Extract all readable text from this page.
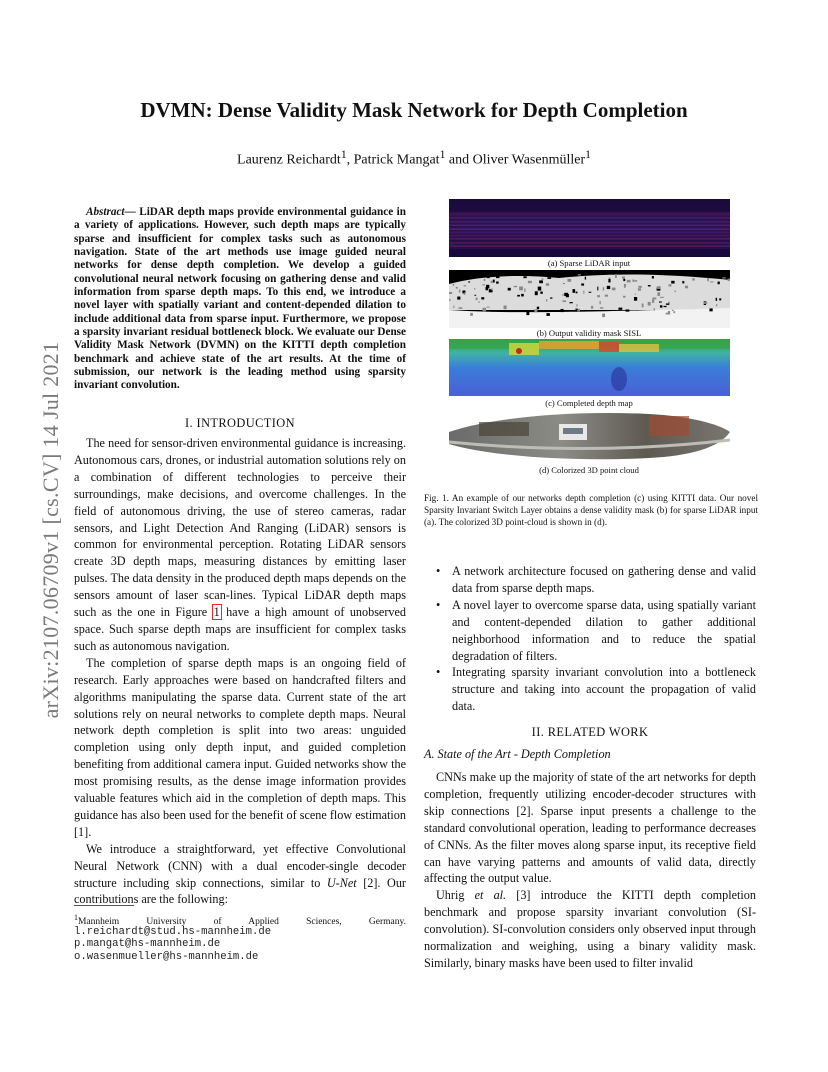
arXiv:2107.06709v1 [cs.CV] 14 Jul 2021
DVMN: Dense Validity Mask Network for Depth Completion
Laurenz Reichardt$^1$, Patrick Mangat$^1$ and Oliver Wasenmüller$^1$
Abstract— LiDAR depth maps provide environmental guidance in a variety of applications. However, such depth maps are typically sparse and insufficient for complex tasks such as autonomous navigation. State of the art methods use image guided neural networks for dense depth completion. We develop a guided convolutional neural network focusing on gathering dense and valid information from sparse depth maps. To this end, we introduce a novel layer with spatially variant and content-depended dilation to include additional data from sparse input. Furthermore, we propose a sparsity invariant residual bottleneck block. We evaluate our Dense Validity Mask Network (DVMN) on the KITTI depth completion benchmark and achieve state of the art results. At the time of submission, our network is the leading method using sparsity invariant convolution.
I. INTRODUCTION

The need for sensor-driven environmental guidance is increasing. Autonomous cars, drones, or industrial automation solutions rely on a combination of different technologies to perceive their surroundings, make decisions, and overcome challenges. In the field of autonomous driving, the use of stereo cameras, radar sensors, and Light Detection And Ranging (LiDAR) sensors is common for environmental perception. Rotating LiDAR sensors create 3D depth maps, measuring distances by emitting laser pulses. The data density in the produced depth maps depends on the sensors amount of laser scan-lines. Typical LiDAR depth maps such as the one in Figure 1 have a high amount of unobserved space. Such sparse depth maps are insufficient for complex tasks such as autonomous navigation.

The completion of sparse depth maps is an ongoing field of research. Early approaches were based on handcrafted filters and algorithms manipulating the sparse data. Current state of the art solutions rely on neural networks to complete depth maps. Neural network depth completion is split into two areas: unguided completion using only depth input, and guided completion benefiting from additional camera input. Guided networks show the most promising results, as the dense image information provides valuable features which aid in the completion of depth maps. This guidance has also been used for the benefit of scene flow estimation [1].

We introduce a straightforward, yet effective Convolutional Neural Network (CNN) with a dual encoder-single decoder structure including skip connections, similar to U-Net [2]. Our contributions are the following:

$^1$Mannheim University of Applied Sciences, Germany.
l.reichardt@stud.hs-mannheim.de
p.mangat@hs-mannheim.de
o.wasenmueller@hs-mannheim.de
(a) Sparse LiDAR input
(b) Output validity mask SISL
(c) Completed depth map
(d) Colorized 3D point cloud
Fig. 1. An example of our networks depth completion (c) using KITTI data. Our novel Sparsity Invariant Switch Layer obtains a dense validity mask (b) for sparse LiDAR input (a). The colorized 3D point-cloud is shown in (d).
• A network architecture focused on gathering dense and valid data from sparse depth maps.
• A novel layer to overcome sparse data, using spatially variant and content-depended dilation to gather additional neighborhood information and to reduce the spatial degradation of filters.
• Integrating sparsity invariant convolution into a bottleneck structure and taking into account the propagation of valid data.
II. RELATED WORK
A. State of the Art - Depth Completion

CNNs make up the majority of state of the art networks for depth completion, frequently utilizing encoder-decoder structures with skip connections [2]. Sparse input presents a challenge to the standard convolutional operation, leading to performance decreases of CNNs. As the filter moves along sparse input, its receptive field can have varying patterns and amounts of valid data, directly affecting the output value.

Uhrig et al. [3] introduce the KITTI depth completion benchmark and propose sparsity invariant convolution (SI-convolution). SI-convolution considers only observed input through normalization and weighing, using a binary validity mask. Similarly, binary masks have been used to filter invalid
